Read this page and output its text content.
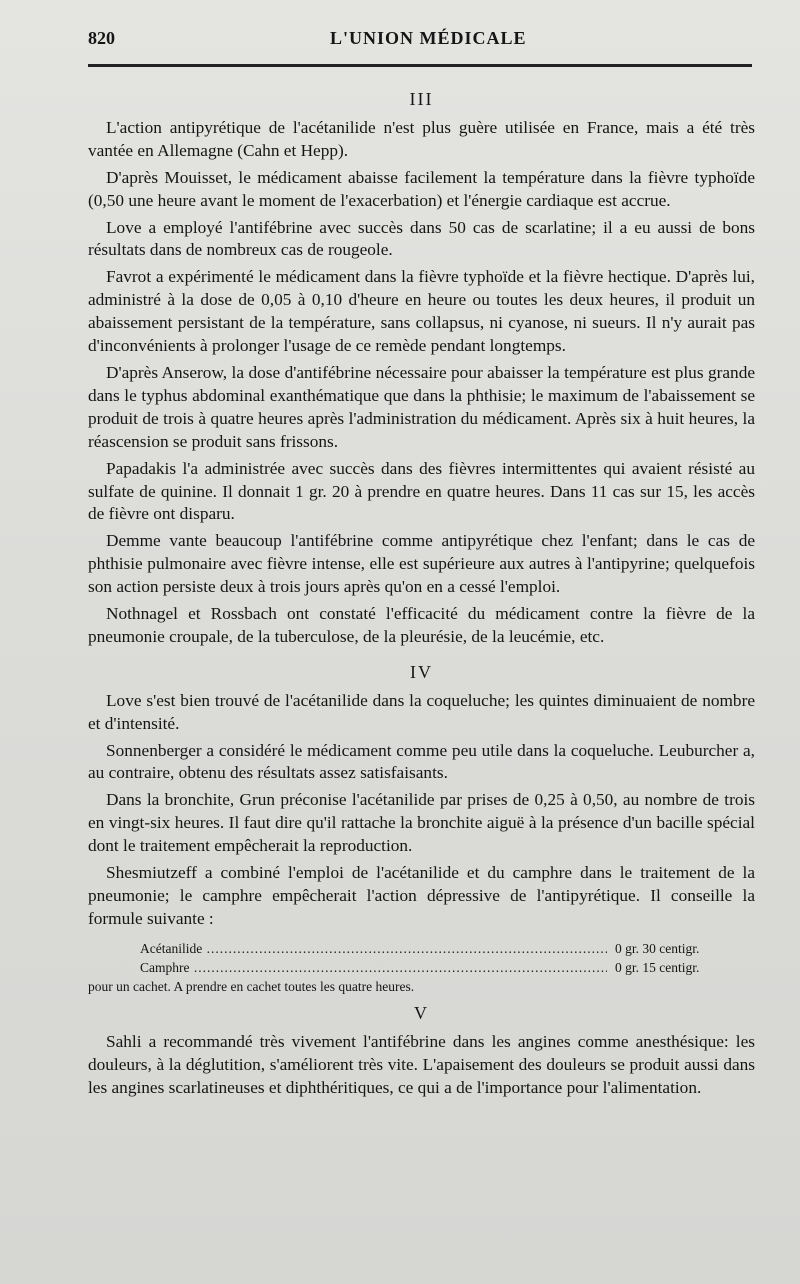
820	L'UNION MÉDICALE
III

L'action antipyrétique de l'acétanilide n'est plus guère utilisée en France, mais a été très vantée en Allemagne (Cahn et Hepp).

D'après Mouisset, le médicament abaisse facilement la température dans la fièvre typhoïde (0,50 une heure avant le moment de l'exacerbation) et l'énergie cardiaque est accrue.

Love a employé l'antifébrine avec succès dans 50 cas de scarlatine; il a eu aussi de bons résultats dans de nombreux cas de rougeole.

Favrot a expérimenté le médicament dans la fièvre typhoïde et la fièvre hectique. D'après lui, administré à la dose de 0,05 à 0,10 d'heure en heure ou toutes les deux heures, il produit un abaissement persistant de la température, sans collapsus, ni cyanose, ni sueurs. Il n'y aurait pas d'inconvénients à prolonger l'usage de ce remède pendant longtemps.

D'après Anserow, la dose d'antifébrine nécessaire pour abaisser la température est plus grande dans le typhus abdominal exanthématique que dans la phthisie; le maximum de l'abaissement se produit de trois à quatre heures après l'administration du médicament. Après six à huit heures, la réascension se produit sans frissons.

Papadakis l'a administrée avec succès dans des fièvres intermittentes qui avaient résisté au sulfate de quinine. Il donnait 1 gr. 20 à prendre en quatre heures. Dans 11 cas sur 15, les accès de fièvre ont disparu.

Demme vante beaucoup l'antifébrine comme antipyrétique chez l'enfant; dans le cas de phthisie pulmonaire avec fièvre intense, elle est supérieure aux autres à l'antipyrine; quelquefois son action persiste deux à trois jours après qu'on en a cessé l'emploi.

Nothnagel et Rossbach ont constaté l'efficacité du médicament contre la fièvre de la pneumonie croupale, de la tuberculose, de la pleurésie, de la leucémie, etc.

IV

Love s'est bien trouvé de l'acétanilide dans la coqueluche; les quintes diminuaient de nombre et d'intensité.

Sonnenberger a considéré le médicament comme peu utile dans la coqueluche. Leuburcher a, au contraire, obtenu des résultats assez satisfaisants.

Dans la bronchite, Grun préconise l'acétanilide par prises de 0,25 à 0,50, au nombre de trois en vingt-six heures. Il faut dire qu'il rattache la bronchite aiguë à la présence d'un bacille spécial dont le traitement empêcherait la reproduction.

Shesmiutzeff a combiné l'emploi de l'acétanilide et du camphre dans le traitement de la pneumonie; le camphre empêcherait l'action dépressive de l'antipyrétique. Il conseille la formule suivante :

Acétanilide .....	0 gr. 30 centigr.
Camphre .....	0 gr. 15 centigr.
pour un cachet. A prendre en cachet toutes les quatre heures.
V

Sahli a recommandé très vivement l'antifébrine dans les angines comme anesthésique: les douleurs, à la déglutition, s'améliorent très vite. L'apaisement des douleurs se produit aussi dans les angines scarlatineuses et diphthéritiques, ce qui a de l'importance pour l'alimentation.
